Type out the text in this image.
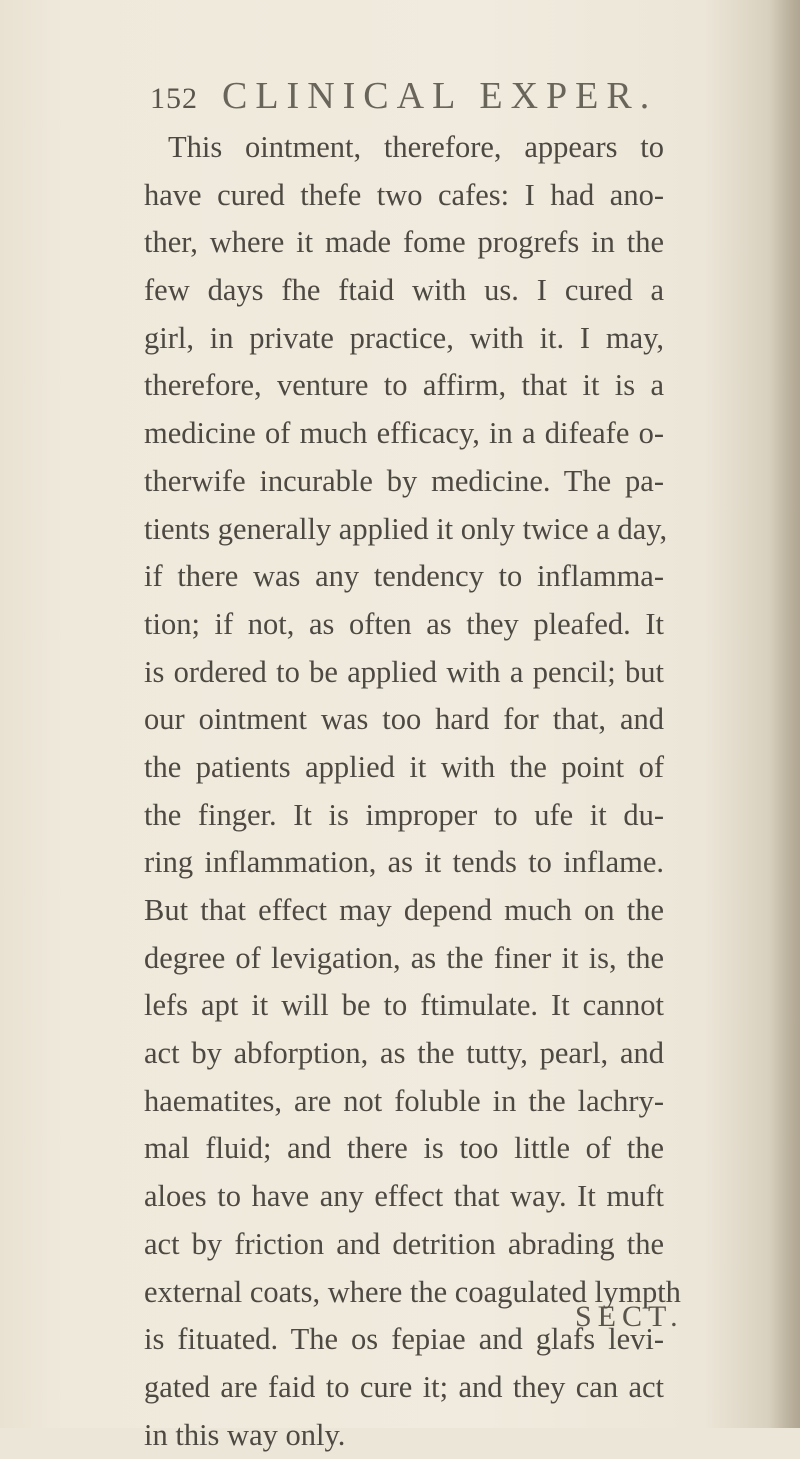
152 CLINICAL EXPER.
This ointment, therefore, appears to
have cured thefe two cafes: I had ano-
ther, where it made fome progrefs in the
few days fhe ftaid with us. I cured a
girl, in private practice, with it. I may,
therefore, venture to affirm, that it is a
medicine of much efficacy, in a difeafe o-
therwife incurable by medicine. The pa-
tients generally applied it only twice a day,
if there was any tendency to inflamma-
tion; if not, as often as they pleafed. It
is ordered to be applied with a pencil; but
our ointment was too hard for that, and
the patients applied it with the point of
the finger. It is improper to ufe it du-
ring inflammation, as it tends to inflame.
But that effect may depend much on the
degree of levigation, as the finer it is, the
lefs apt it will be to ftimulate. It cannot
act by abforption, as the tutty, pearl, and
haematites, are not foluble in the lachry-
mal fluid; and there is too little of the
aloes to have any effect that way. It muft
act by friction and detrition abrading the
external coats, where the coagulated lympth
is fituated. The os fepiae and glafs levi-
gated are faid to cure it; and they can act
in this way only.
SECT.
